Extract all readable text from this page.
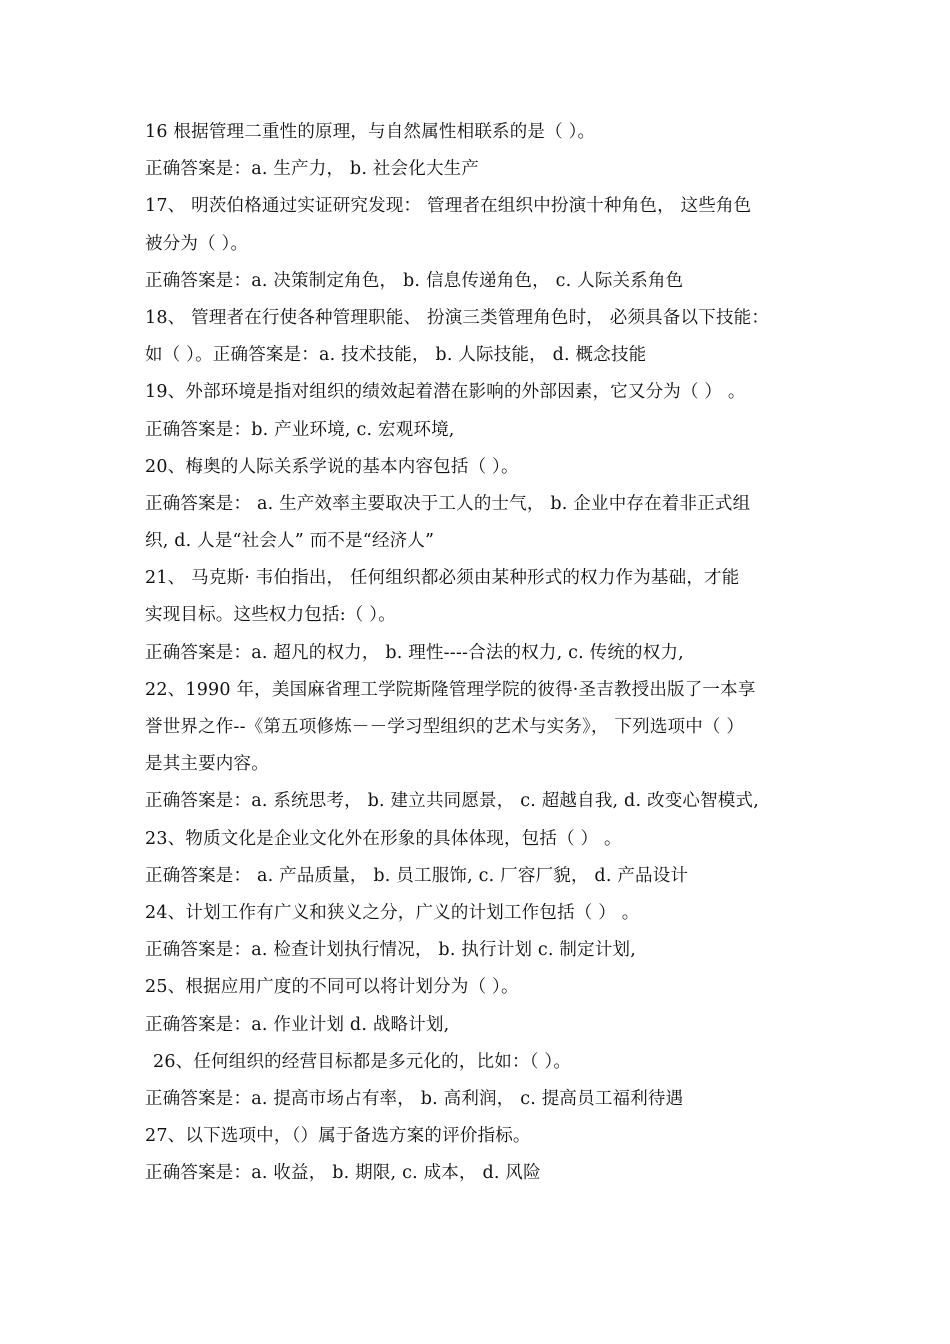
16 根据管理二重性的原理，与自然属性相联系的是（ ）。
正确答案是：a. 生产力， b. 社会化大生产
17、 明茨伯格通过实证研究发现： 管理者在组织中扮演十种角色， 这些角色
被分为（ ）。
正确答案是：a. 决策制定角色， b. 信息传递角色， c. 人际关系角色
18、 管理者在行使各种管理职能、 扮演三类管理角色时， 必须具备以下技能：
如（ ）。正确答案是：a. 技术技能， b. 人际技能， d. 概念技能
19、外部环境是指对组织的绩效起着潜在影响的外部因素，它又分为（ ） 。
正确答案是：b. 产业环境, c. 宏观环境,
20、梅奥的人际关系学说的基本内容包括（ ）。
正确答案是： a. 生产效率主要取决于工人的士气， b. 企业中存在着非正式组
织, d. 人是“社会人” 而不是“经济人”
21、 马克斯· 韦伯指出， 任何组织都必须由某种形式的权力作为基础，才能
实现目标。这些权力包括:（ ）。
正确答案是：a. 超凡的权力， b. 理性----合法的权力, c. 传统的权力,
22、1990 年，美国麻省理工学院斯隆管理学院的彼得·圣吉教授出版了一本享
誉世界之作--《第五项修炼－－学习型组织的艺术与实务》， 下列选项中（ ）
是其主要内容。
正确答案是：a. 系统思考， b. 建立共同愿景， c. 超越自我, d. 改变心智模式,
23、物质文化是企业文化外在形象的具体体现，包括（ ） 。
正确答案是： a. 产品质量， b. 员工服饰, c. 厂容厂貌， d. 产品设计
24、计划工作有广义和狭义之分，广义的计划工作包括（ ） 。
正确答案是：a. 检查计划执行情况， b. 执行计划 c. 制定计划,
25、根据应用广度的不同可以将计划分为（ ）。
正确答案是：a. 作业计划 d. 战略计划,
26、任何组织的经营目标都是多元化的，比如：（ ）。
正确答案是：a. 提高市场占有率， b. 高利润， c. 提高员工福利待遇
27、以下选项中，（）属于备选方案的评价指标。
正确答案是：a. 收益， b. 期限, c. 成本， d. 风险
